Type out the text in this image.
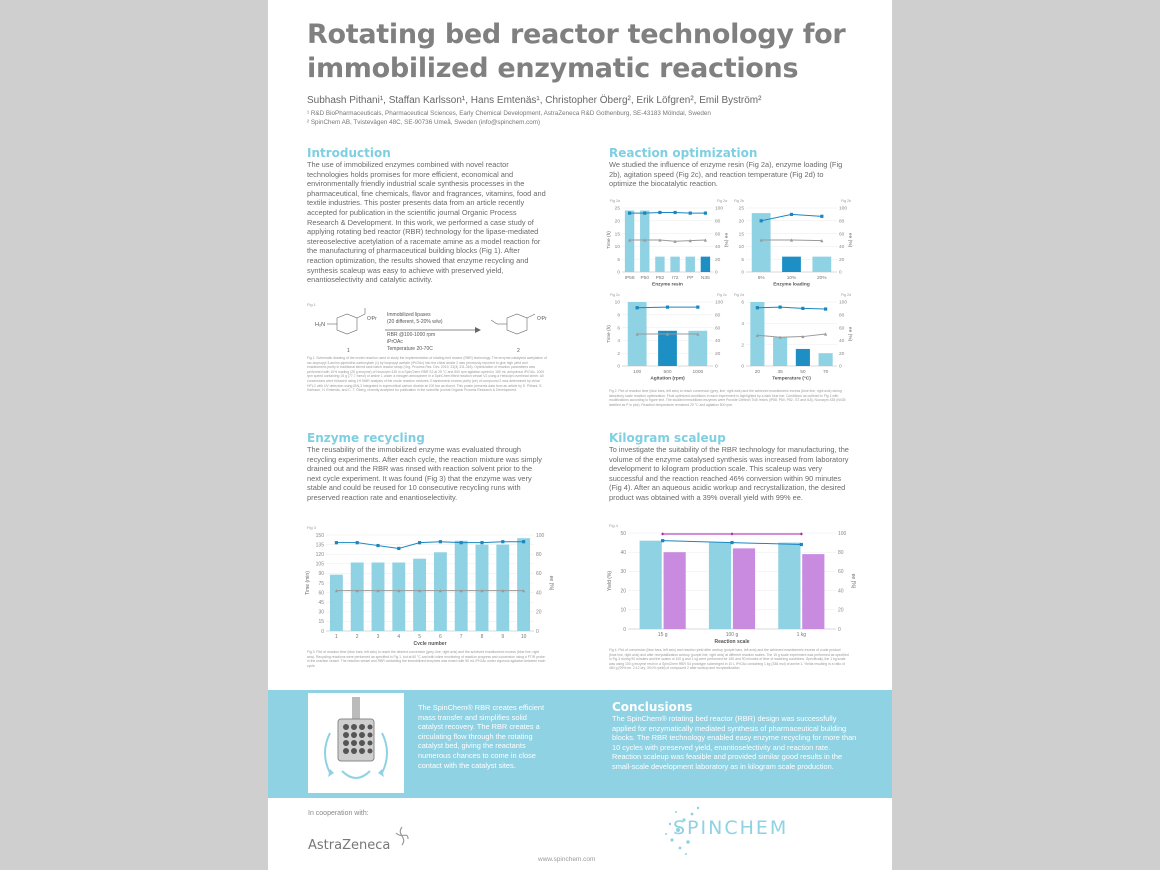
Rotating bed reactor technology for immobilized enzymatic reactions
Subhash Pithani¹, Staffan Karlsson¹, Hans Emtenäs¹, Christopher Öberg², Erik Löfgren², Emil Byström²
¹ R&D BioPharmaceuticals, Pharmaceutical Sciences, Early Chemical Development, AstraZeneca R&D Gothenburg, SE-43183 Mölndal, Sweden
² SpinChem AB, Tvistevägen 48C, SE-90736 Umeå, Sweden (info@spinchem.com)
Introduction
The use of immobilized enzymes combined with novel reactor technologies holds promises for more efficient, economical and environmentally friendly industrial scale synthesis processes in the pharmaceutical, fine chemicals, flavor and fragrances, vitamins, food and textile industries. This poster presents data from an article recently accepted for publication in the scientific journal Organic Process Research & Development. In this work, we performed a case study of applying rotating bed reactor (RBR) technology for the lipase-mediated stereoselective acetylation of a racemate amine as a model reaction for the manufacturing of pharmaceutical building blocks (Fig 1). After reaction optimization, the results showed that enzyme recycling and synthesis scaleup was easy to achieve with preserved yield, enantioselectivity and catalytic activity.
Fig 1
H₂N
OⁱPr
1
Immobilized lipases
(20 different, 5-20% w/w)
RBR @100-1000 rpm
iPrOAc
Temperature 20-70C
OⁱPr
2
Fig 1. Schematic drawing of the model reaction used to study the implementation of rotating bed reactor (RBR) technology. The enzyme-catalysed acetylation of rac-isopropyl 3-amino-piperidine-carboxylate (1) by isopropyl acetate (iPrOAc) into the chiral amide 2 was previously reported to give high yield and enantiomeric purity in traditional stirred tank batch reactor setup (Org. Process Res. Dev. 2019, 23(3) 311-316). Optimization of reaction parameters was performed with 10% loading (25 g enzyme) of Novozym 435 in a SpinChem RBR S2 at 25 °C and 500 rpm agitation speed in 150 mL anhydrous iPrOAc. 1000 rpm speed containing 15 g (77.7 mmol) of amine 1 under a nitrogen atmosphere in a SpinChem fitted reaction vessel V2 using a Heidolph overhead stirrer. All conversions were followed using 1H NMR analysis of the crude reaction mixtures. Enantiomeric excess purity (ee) of compound 2 was determined by chiral HPLC with UV detection using IBN-3 Integrated in supercritical carbon dioxide at 100 bar as eluent. This poster presents data from an article by S. Pithani, S. Karlsson, H. Emtenäs, and C. T. Öberg, recently accepted for publication in the scientific journal Organic Process Research & Development.
Enzyme recycling
The reusability of the immobilized enzyme was evaluated through recycling experiments. After each cycle, the reaction mixture was simply drained out and the RBR was rinsed with reaction solvent prior to the next cycle experiment. It was found (Fig 3) that the enzyme was very stable and could be reused for 10 consecutive recycling runs with preserved reaction rate and enantioselectivity.
Fig 3
0
15
30
45
60
75
90
105
120
135
150
0
20
40
60
80
100
1	2	3	4	5	6	7	8	9	10
Cycle number
Time (min)	ee (%)
Fig 3. Plot of reaction time (blue bars, left axis) to reach the desired conversion (grey, line, right axis) and the achieved enantiomeric excess (blue line, right axis). Recycling reactions were performed as specified in Fig 1, but at 60 °C and with inline monitoring of reaction progress and conversion using a FTIR probe in the reaction vessel. The reaction vessel and RBR containing the immobilized enzymes was rinsed with 50 mL iPrOAc under vigorous agitation between each cycle.
Reaction optimization
We studied the influence of enzyme resin (Fig 2a), enzyme loading (Fig 2b), agitation speed (Fig 2c), and reaction temperature (Fig 2d) to optimize the biocatalytic reaction.
Fig 2a	Fig 2a
0
5
10
15
20
25
0
20
40
60
80
100
IP58 P50 P82 I72 PP N35
Enzyme resin
Time (h)	ee (%)
Fig 2b	Fig 2b
0
5
10
15
20
25
0
20
40
60
80
100
5%	10%	20%
Enzyme loading
ee (%)
Fig 2c	Fig 2c
0
2
4
6
8
10
0
20
40
60
80
100
100	500	1000
Agitation (rpm)
Time (h)
Fig 2d	Fig 2d
0
2
4
6
0
20
40
60
80
100
20	35	50	70
Temperature (°C)
ee (%)
Fig 2. Plot of reaction time (blue bars, left axis) to reach conversion (grey, line, right axis) and the achieved enantiomeric excess (blue line, right axis) during laboratory scale reaction optimization. Final optimized conditions in each experiment is highlighted by a dark blue bar. Conditions as outlined in Fig 1 with modifications according to figure text. The studied immobilized enzymes were Purolite Lifetech Ti45 resins (IP58, P50, P82, I72 and I18), Novozym 435 (N435 labelled as P in plot). Reaction temperature remained 20 °C and agitation 500 rpm.
Kilogram scaleup
To investigate the suitability of the RBR technology for manufacturing, the volume of the enzyme catalysed synthesis was increased from laboratory development to kilogram production scale. This scaleup was very successful and the reaction reached 46% conversion within 90 minutes (Fig 4). After an aqueous acidic workup and recrystallization, the desired product was obtained with a 39% overall yield with 99% ee.
Fig 4
0
10
20
30
40
50
0
20
40
60
80
100
15 g	100 g	1 kg
Reaction scale
Yield (%)	ee (%)
Fig 4. Plot of conversion (blue bars, left axis) and reaction yield after workup (purple bars, left axis) and the achieved enantiomeric excess of crude product (blue line, right axis) and after recrystallization workup (purple line, right axis) at different reaction scales. The 15 g scale experiment was performed as specified in Fig 3 during 90 minutes and the scales of 100 g and 1 kg were performed for 150 and 90 minutes of time of matching conditions. Specifically, the 1 kg scale was using 100 g enzyme resin in a SpinChem RBR S4 prototype submerged in 10 L iPrOAc containing 1 kg (338 mol) of amine 1. Yields resulting in a ratio of 460 g (99% ee, 2:12 dry, 39.0% yield) of compound 2 after workup and recrystallization.
The SpinChem® RBR creates efficient mass transfer and simplifies solid catalyst recovery. The RBR creates a circulating flow through the rotating catalyst bed, giving the reactants numerous chances to come in close contact with the catalyst sites.
Conclusions
The SpinChem® rotating bed reactor (RBR) design was successfully applied for enzymatically mediated synthesis of pharmaceutical building blocks. The RBR technology enabled easy enzyme recycling for more than 10 cycles with preserved yield, enantioselectivity and reaction rate. Reaction scaleup was feasible and provided similar good results in the small-scale development laboratory as in kilogram scale production.
In cooperation with:
AstraZeneca
SPINCHEM
www.spinchem.com
